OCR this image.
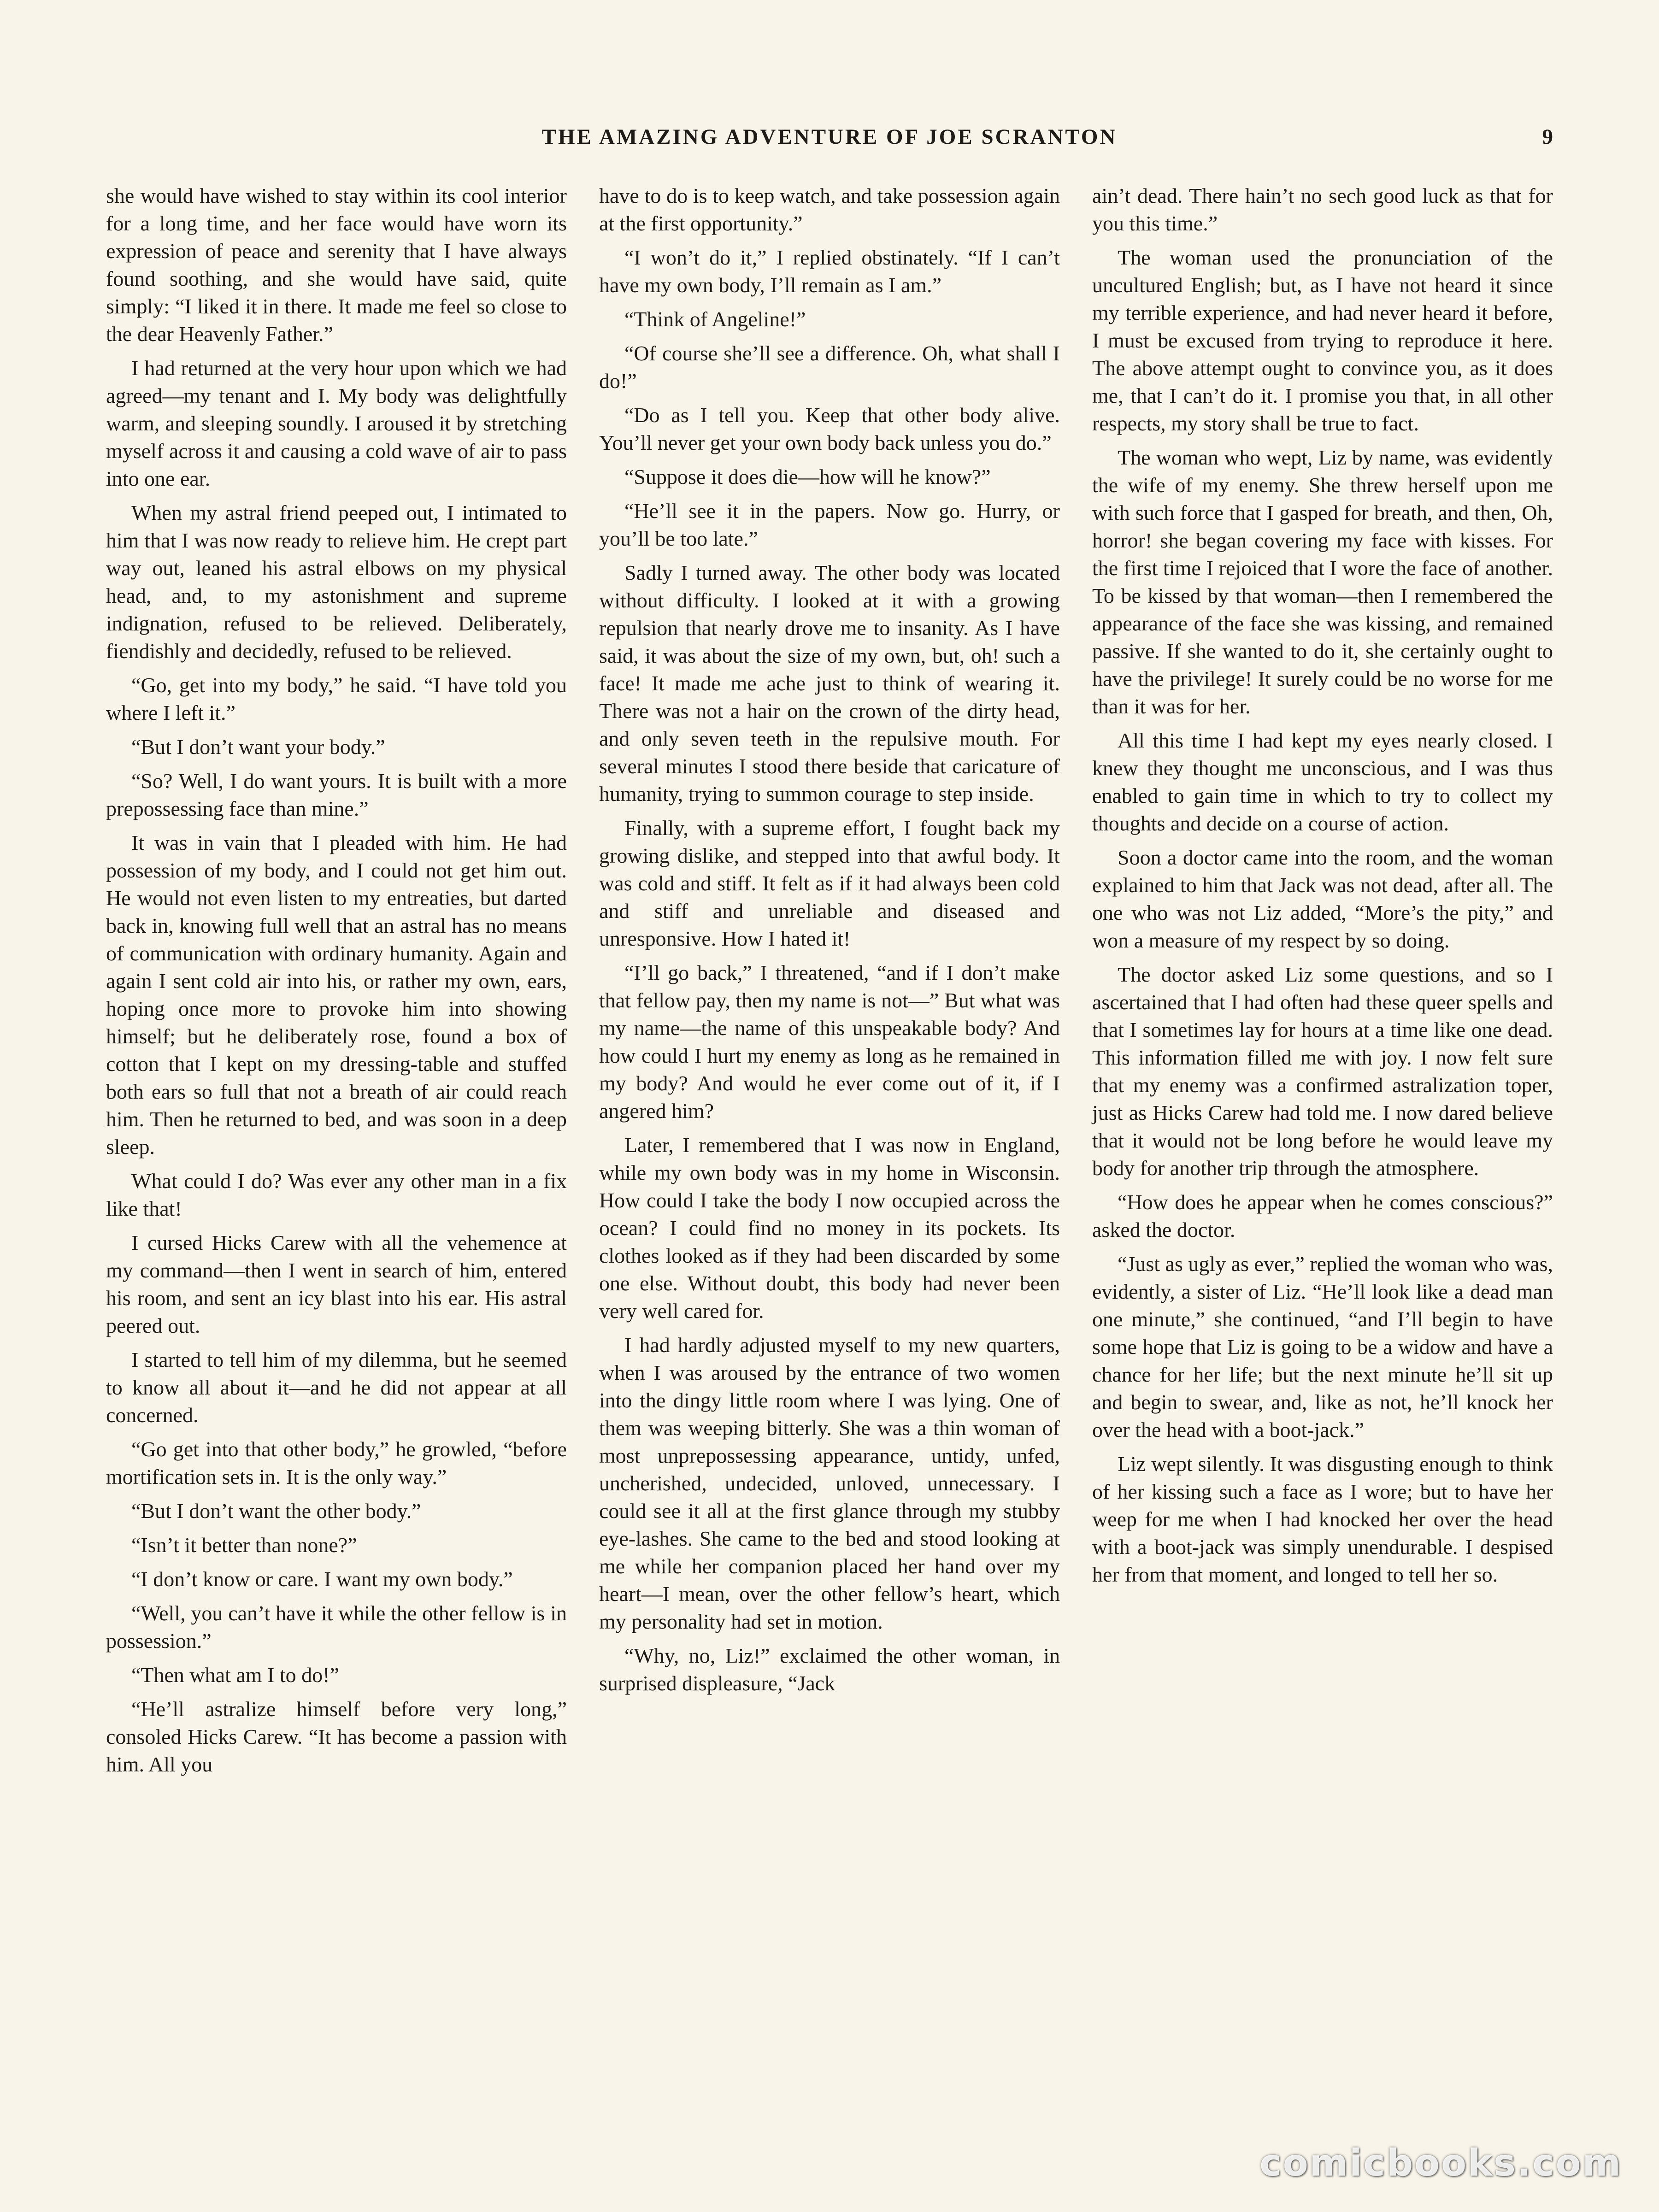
THE AMAZING ADVENTURE OF JOE SCRANTON	9

she would have wished to stay within its cool interior for a long time, and her face would have worn its expression of peace and serenity that I have always found soothing, and she would have said, quite simply: “I liked it in there. It made me feel so close to the dear Heavenly Father.”

I had returned at the very hour upon which we had agreed—my tenant and I. My body was delightfully warm, and sleeping soundly. I aroused it by stretching myself across it and causing a cold wave of air to pass into one ear.

When my astral friend peeped out, I intimated to him that I was now ready to relieve him. He crept part way out, leaned his astral elbows on my physical head, and, to my astonishment and supreme indignation, refused to be relieved. Deliberately, fiendishly and decidedly, refused to be relieved.

“Go, get into my body,” he said. “I have told you where I left it.”

“But I don’t want your body.”

“So? Well, I do want yours. It is built with a more prepossessing face than mine.”

It was in vain that I pleaded with him. He had possession of my body, and I could not get him out. He would not even listen to my entreaties, but darted back in, knowing full well that an astral has no means of communication with ordinary humanity. Again and again I sent cold air into his, or rather my own, ears, hoping once more to provoke him into showing himself; but he deliberately rose, found a box of cotton that I kept on my dressing-table and stuffed both ears so full that not a breath of air could reach him. Then he returned to bed, and was soon in a deep sleep.

What could I do? Was ever any other man in a fix like that!

I cursed Hicks Carew with all the vehemence at my command—then I went in search of him, entered his room, and sent an icy blast into his ear. His astral peered out.

I started to tell him of my dilemma, but he seemed to know all about it—and he did not appear at all concerned.

“Go get into that other body,” he growled, “before mortification sets in. It is the only way.”

“But I don’t want the other body.”

“Isn’t it better than none?”

“I don’t know or care. I want my own body.”

“Well, you can’t have it while the other fellow is in possession.”

“Then what am I to do!”

“He’ll astralize himself before very long,” consoled Hicks Carew. “It has become a passion with him. All you

have to do is to keep watch, and take possession again at the first opportunity.”

“I won’t do it,” I replied obstinately. “If I can’t have my own body, I’ll remain as I am.”

“Think of Angeline!”

“Of course she’ll see a difference. Oh, what shall I do!”

“Do as I tell you. Keep that other body alive. You’ll never get your own body back unless you do.”

“Suppose it does die—how will he know?”

“He’ll see it in the papers. Now go. Hurry, or you’ll be too late.”

Sadly I turned away. The other body was located without difficulty. I looked at it with a growing repulsion that nearly drove me to insanity. As I have said, it was about the size of my own, but, oh! such a face! It made me ache just to think of wearing it. There was not a hair on the crown of the dirty head, and only seven teeth in the repulsive mouth. For several minutes I stood there beside that caricature of humanity, trying to summon courage to step inside.

Finally, with a supreme effort, I fought back my growing dislike, and stepped into that awful body. It was cold and stiff. It felt as if it had always been cold and stiff and unreliable and diseased and unresponsive. How I hated it!

“I’ll go back,” I threatened, “and if I don’t make that fellow pay, then my name is not—” But what was my name—the name of this unspeakable body? And how could I hurt my enemy as long as he remained in my body? And would he ever come out of it, if I angered him?

Later, I remembered that I was now in England, while my own body was in my home in Wisconsin. How could I take the body I now occupied across the ocean? I could find no money in its pockets. Its clothes looked as if they had been discarded by some one else. Without doubt, this body had never been very well cared for.

I had hardly adjusted myself to my new quarters, when I was aroused by the entrance of two women into the dingy little room where I was lying. One of them was weeping bitterly. She was a thin woman of most unprepossessing appearance, untidy, unfed, uncherished, undecided, unloved, unnecessary. I could see it all at the first glance through my stubby eye-lashes. She came to the bed and stood looking at me while her companion placed her hand over my heart—I mean, over the other fellow’s heart, which my personality had set in motion.

“Why, no, Liz!” exclaimed the other woman, in surprised displeasure, “Jack

ain’t dead. There hain’t no sech good luck as that for you this time.”

The woman used the pronunciation of the uncultured English; but, as I have not heard it since my terrible experience, and had never heard it before, I must be excused from trying to reproduce it here. The above attempt ought to convince you, as it does me, that I can’t do it. I promise you that, in all other respects, my story shall be true to fact.

The woman who wept, Liz by name, was evidently the wife of my enemy. She threw herself upon me with such force that I gasped for breath, and then, Oh, horror! she began covering my face with kisses. For the first time I rejoiced that I wore the face of another. To be kissed by that woman—then I remembered the appearance of the face she was kissing, and remained passive. If she wanted to do it, she certainly ought to have the privilege! It surely could be no worse for me than it was for her.

All this time I had kept my eyes nearly closed. I knew they thought me unconscious, and I was thus enabled to gain time in which to try to collect my thoughts and decide on a course of action.

Soon a doctor came into the room, and the woman explained to him that Jack was not dead, after all. The one who was not Liz added, “More’s the pity,” and won a measure of my respect by so doing.

The doctor asked Liz some questions, and so I ascertained that I had often had these queer spells and that I sometimes lay for hours at a time like one dead. This information filled me with joy. I now felt sure that my enemy was a confirmed astralization toper, just as Hicks Carew had told me. I now dared believe that it would not be long before he would leave my body for another trip through the atmosphere.

“How does he appear when he comes conscious?” asked the doctor.

“Just as ugly as ever,” replied the woman who was, evidently, a sister of Liz. “He’ll look like a dead man one minute,” she continued, “and I’ll begin to have some hope that Liz is going to be a widow and have a chance for her life; but the next minute he’ll sit up and begin to swear, and, like as not, he’ll knock her over the head with a boot-jack.”

Liz wept silently. It was disgusting enough to think of her kissing such a face as I wore; but to have her weep for me when I had knocked her over the head with a boot-jack was simply unendurable. I despised her from that moment, and longed to tell her so.

comicbooks.com
